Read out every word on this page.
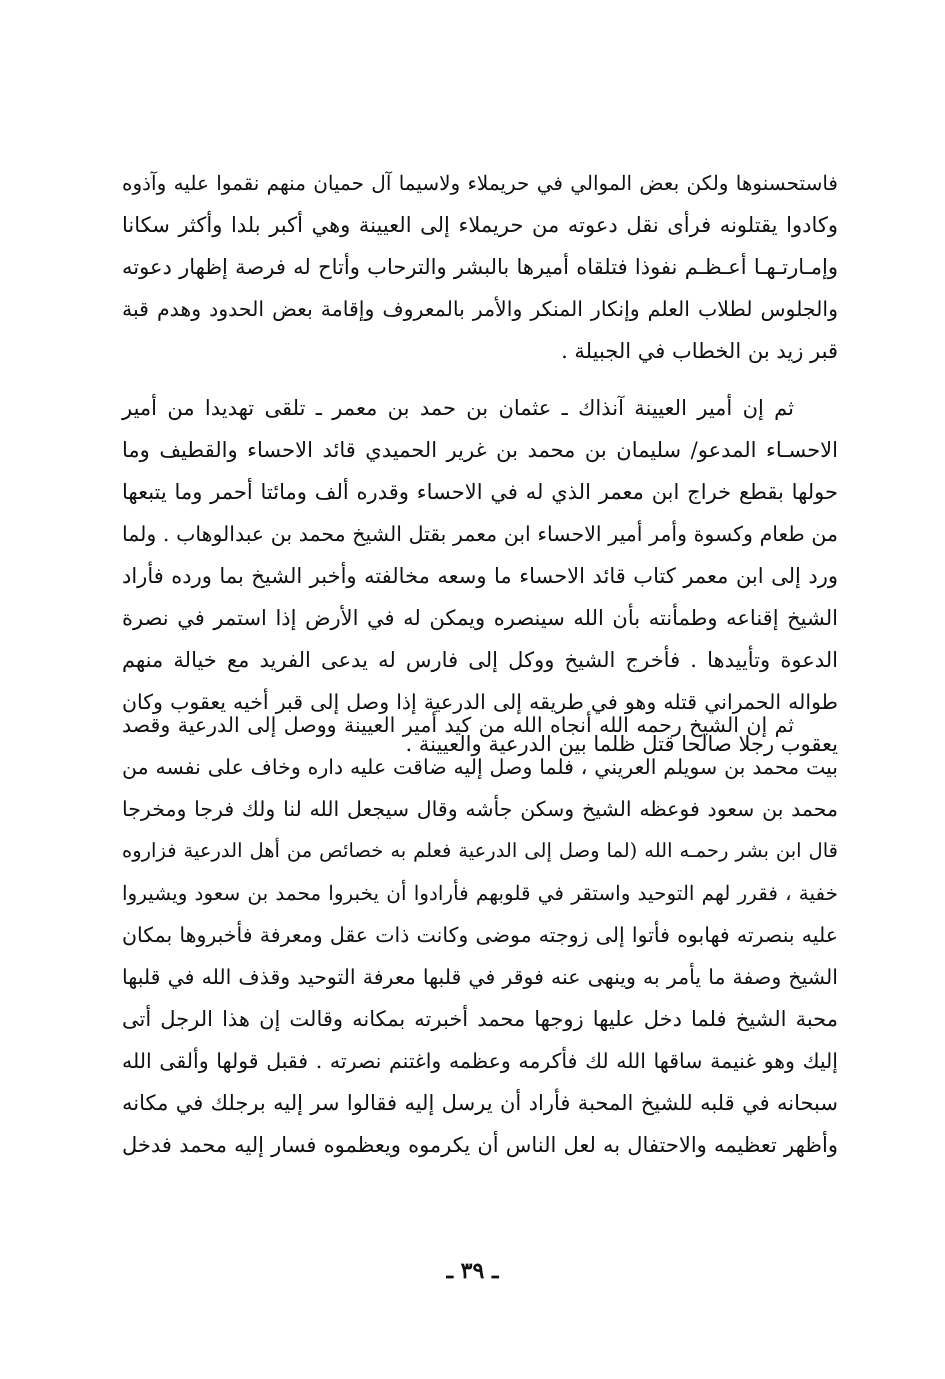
فاستحسنوها ولكن بعض الموالي في حريملاء ولاسيما آل حميان منهم نقموا عليه وآذوه
وكادوا يقتلونه فرأى نقل دعوته من حريملاء إلى العيينة وهي أكبر بلدا وأكثر سكانا
وإمـارتـهـا أعـظـم نفوذا فتلقاه أميرها بالبشر والترحاب وأتاح له فرصة إظهار دعوته
والجلوس لطلاب العلم وإنكار المنكر والأمر بالمعروف وإقامة بعض الحدود وهدم قبة
قبر زيد بن الخطاب في الجبيلة .
ثم إن أمير العيينة آنذاك ـ عثمان بن حمد بن معمر ـ تلقى تهديدا من أمير
الاحسـاء المدعو/ سليمان بن محمد بن غرير الحميدي قائد الاحساء والقطيف وما
حولها بقطع خراج ابن معمر الذي له في الاحساء وقدره ألف ومائتا أحمر وما يتبعها
من طعام وكسوة وأمر أمير الاحساء ابن معمر بقتل الشيخ محمد بن عبدالوهاب . ولما
ورد إلى ابن معمر كتاب قائد الاحساء ما وسعه مخالفته وأخبر الشيخ بما ورده فأراد
الشيخ إقناعه وطمأنته بأن الله سينصره ويمكن له في الأرض إذا استمر في نصرة
الدعوة وتأييدها . فأخرج الشيخ ووكل إلى فارس له يدعى الفريد مع خيالة منهم
طواله الحمراني قتله وهو في طريقه إلى الدرعية إذا وصل إلى قبر أخيه يعقوب وكان
يعقوب رجلا صالحا قتل ظلما بين الدرعية والعيينة .
ثم إن الشيخ رحمه الله أنجاه الله من كيد أمير العيينة ووصل إلى الدرعية وقصد
بيت محمد بن سويلم العريني ، فلما وصل إليه ضاقت عليه داره وخاف على نفسه من
محمد بن سعود فوعظه الشيخ وسكن جأشه وقال سيجعل الله لنا ولك فرجا ومخرجا
قال ابن بشر رحمـه الله (لما وصل إلى الدرعية فعلم به خصائص من أهل الدرعية فزاروه
خفية ، فقرر لهم التوحيد واستقر في قلوبهم فأرادوا أن يخبروا محمد بن سعود ويشيروا
عليه بنصرته فهابوه فأتوا إلى زوجته موضى وكانت ذات عقل ومعرفة فأخبروها بمكان
الشيخ وصفة ما يأمر به وينهى عنه فوقر في قلبها معرفة التوحيد وقذف الله في قلبها
محبة الشيخ فلما دخل عليها زوجها محمد أخبرته بمكانه وقالت إن هذا الرجل أتى
إليك وهو غنيمة ساقها الله لك فأكرمه وعظمه واغتنم نصرته . فقبل قولها وألقى الله
سبحانه في قلبه للشيخ المحبة فأراد أن يرسل إليه فقالوا سر إليه برجلك في مكانه
وأظهر تعظيمه والاحتفال به لعل الناس أن يكرموه ويعظموه فسار إليه محمد فدخل
ـ ٣٩ ـ
